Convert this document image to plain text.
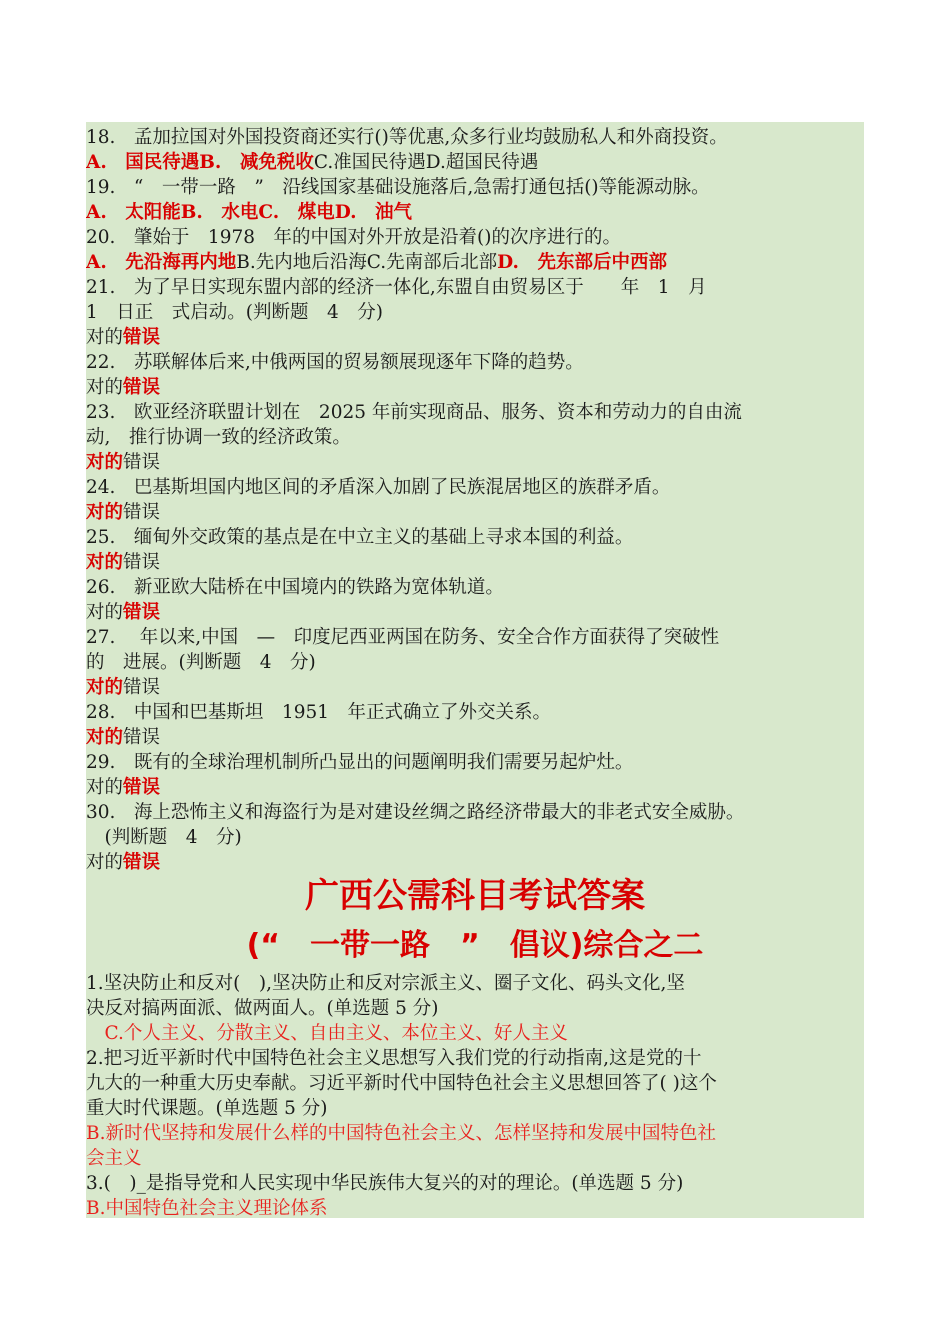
18.　孟加拉国对外国投资商还实行()等优惠,众多行业均鼓励私人和外商投资。
A.　国民待遇B.　减免税收C.准国民待遇D.超国民待遇
19.　“　一带一路　”　沿线国家基础设施落后,急需打通包括()等能源动脉。
A.　太阳能B.　水电C.　煤电D.　油气
20.　肇始于　1978　年的中国对外开放是沿着()的次序进行的。
A.　先沿海再内地B.先内地后沿海C.先南部后北部D.　先东部后中西部
21.　为了早日实现东盟内部的经济一体化,东盟自由贸易区于　　年　1　月
1　日正　式启动。(判断题　4　分)
对的错误
22.　苏联解体后来,中俄两国的贸易额展现逐年下降的趋势。
对的错误
23.　欧亚经济联盟计划在　2025 年前实现商品、服务、资本和劳动力的自由流
动,　推行协调一致的经济政策。
对的错误
24.　巴基斯坦国内地区间的矛盾深入加剧了民族混居地区的族群矛盾。
对的错误
25.　缅甸外交政策的基点是在中立主义的基础上寻求本国的利益。
对的错误
26.　新亚欧大陆桥在中国境内的铁路为宽体轨道。
对的错误
27.　 年以来,中国　—　印度尼西亚两国在防务、安全合作方面获得了突破性
的　进展。(判断题　4　分)
对的错误
28.　中国和巴基斯坦　1951　年正式确立了外交关系。
对的错误
29.　既有的全球治理机制所凸显出的问题阐明我们需要另起炉灶。
对的错误
30.　海上恐怖主义和海盗行为是对建设丝绸之路经济带最大的非老式安全威胁。
　(判断题　4　分)
对的错误
广西公需科目考试答案
(“　一带一路　”　倡议)综合之二
1.坚决防止和反对(　),坚决防止和反对宗派主义、圈子文化、码头文化,坚
决反对搞两面派、做两面人。(单选题 5 分)
　C.个人主义、分散主义、自由主义、本位主义、好人主义
2.把习近平新时代中国特色社会主义思想写入我们党的行动指南,这是党的十
九大的一种重大历史奉献。习近平新时代中国特色社会主义思想回答了( )这个
重大时代课题。(单选题 5 分)
B.新时代坚持和发展什么样的中国特色社会主义、怎样坚持和发展中国特色社
会主义
3.(　)_是指导党和人民实现中华民族伟大复兴的对的理论。(单选题 5 分)
B.中国特色社会主义理论体系
